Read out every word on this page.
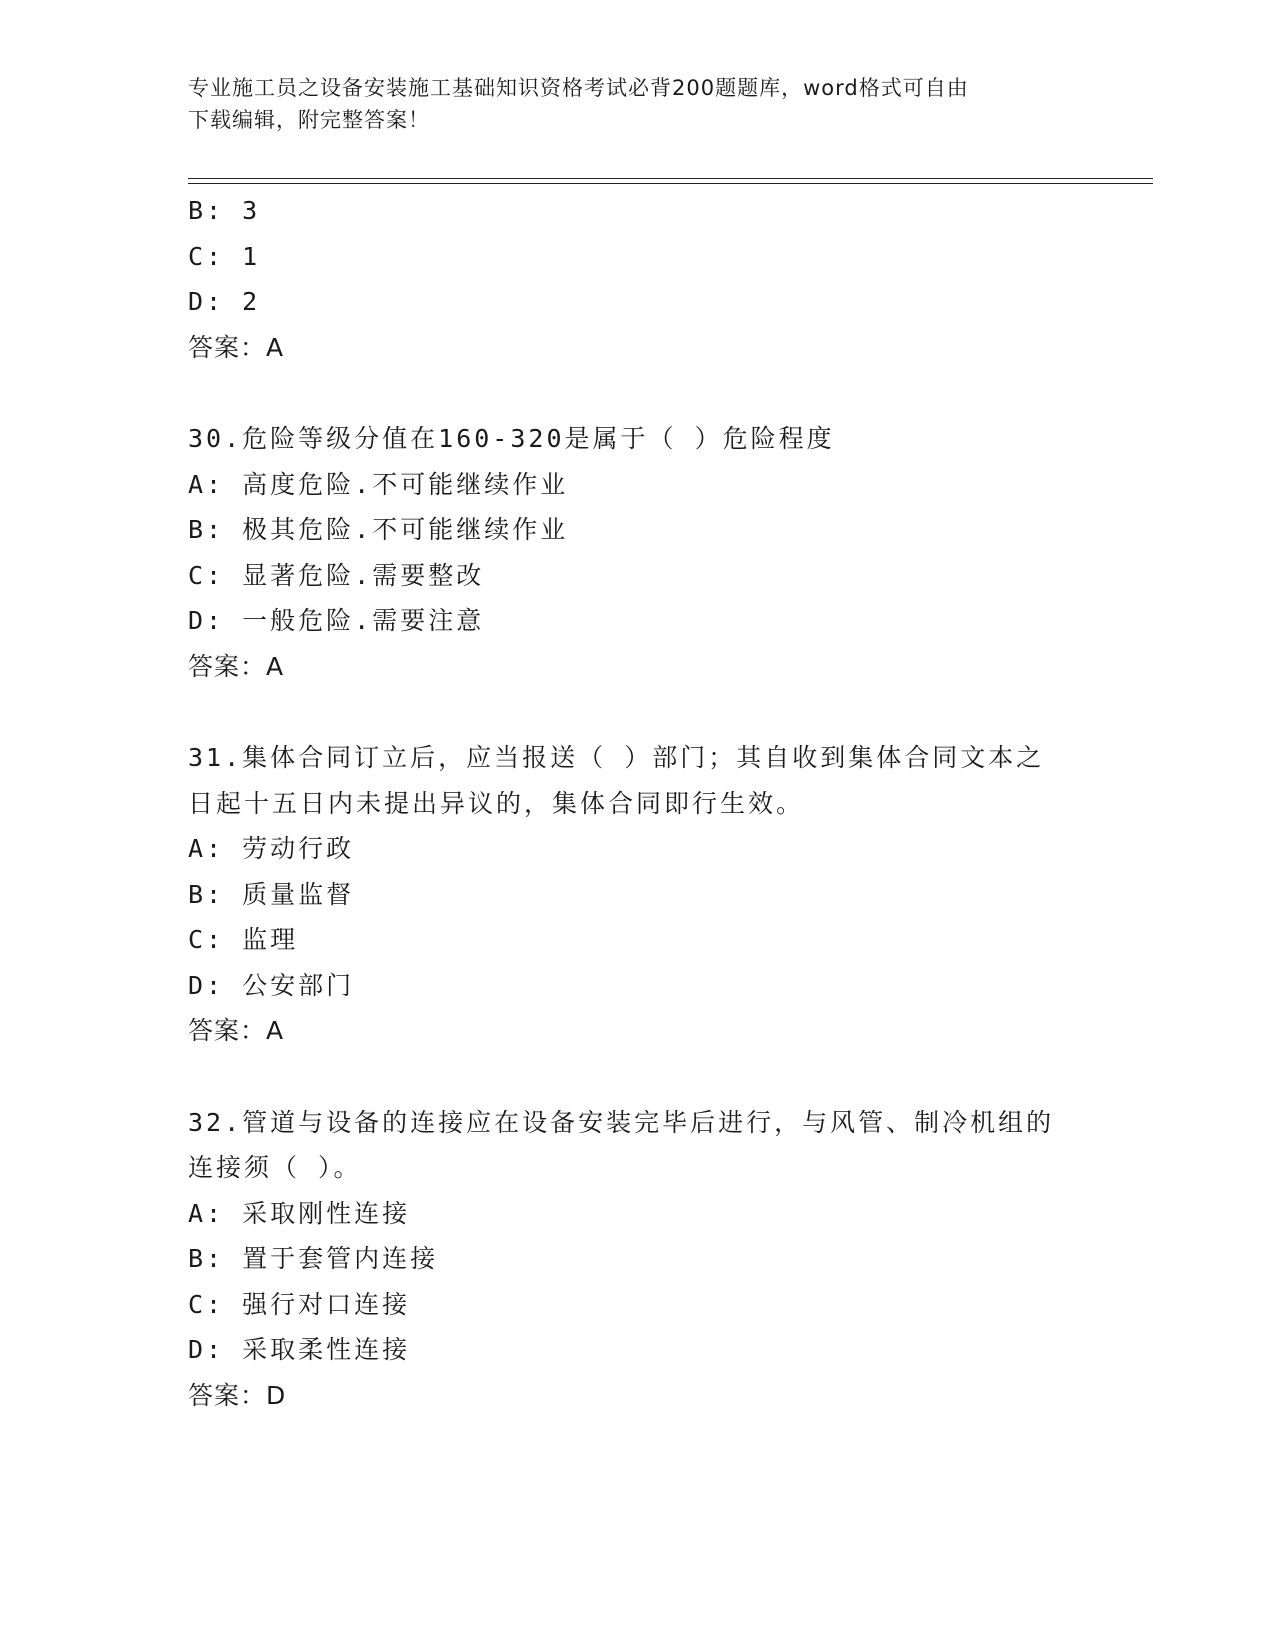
专业施工员之设备安装施工基础知识资格考试必背200题题库，word格式可自由
下载编辑，附完整答案！
B: 3
C: 1
D: 2
答案：A
30.危险等级分值在160-320是属于（ ）危险程度
A: 高度危险.不可能继续作业
B: 极其危险.不可能继续作业
C: 显著危险.需要整改
D: 一般危险.需要注意
答案：A
31.集体合同订立后，应当报送（ ）部门；其自收到集体合同文本之
日起十五日内未提出异议的，集体合同即行生效。
A: 劳动行政
B: 质量监督
C: 监理
D: 公安部门
答案：A
32.管道与设备的连接应在设备安装完毕后进行，与风管、制冷机组的
连接须（ ）。
A: 采取刚性连接
B: 置于套管内连接
C: 强行对口连接
D: 采取柔性连接
答案：D
